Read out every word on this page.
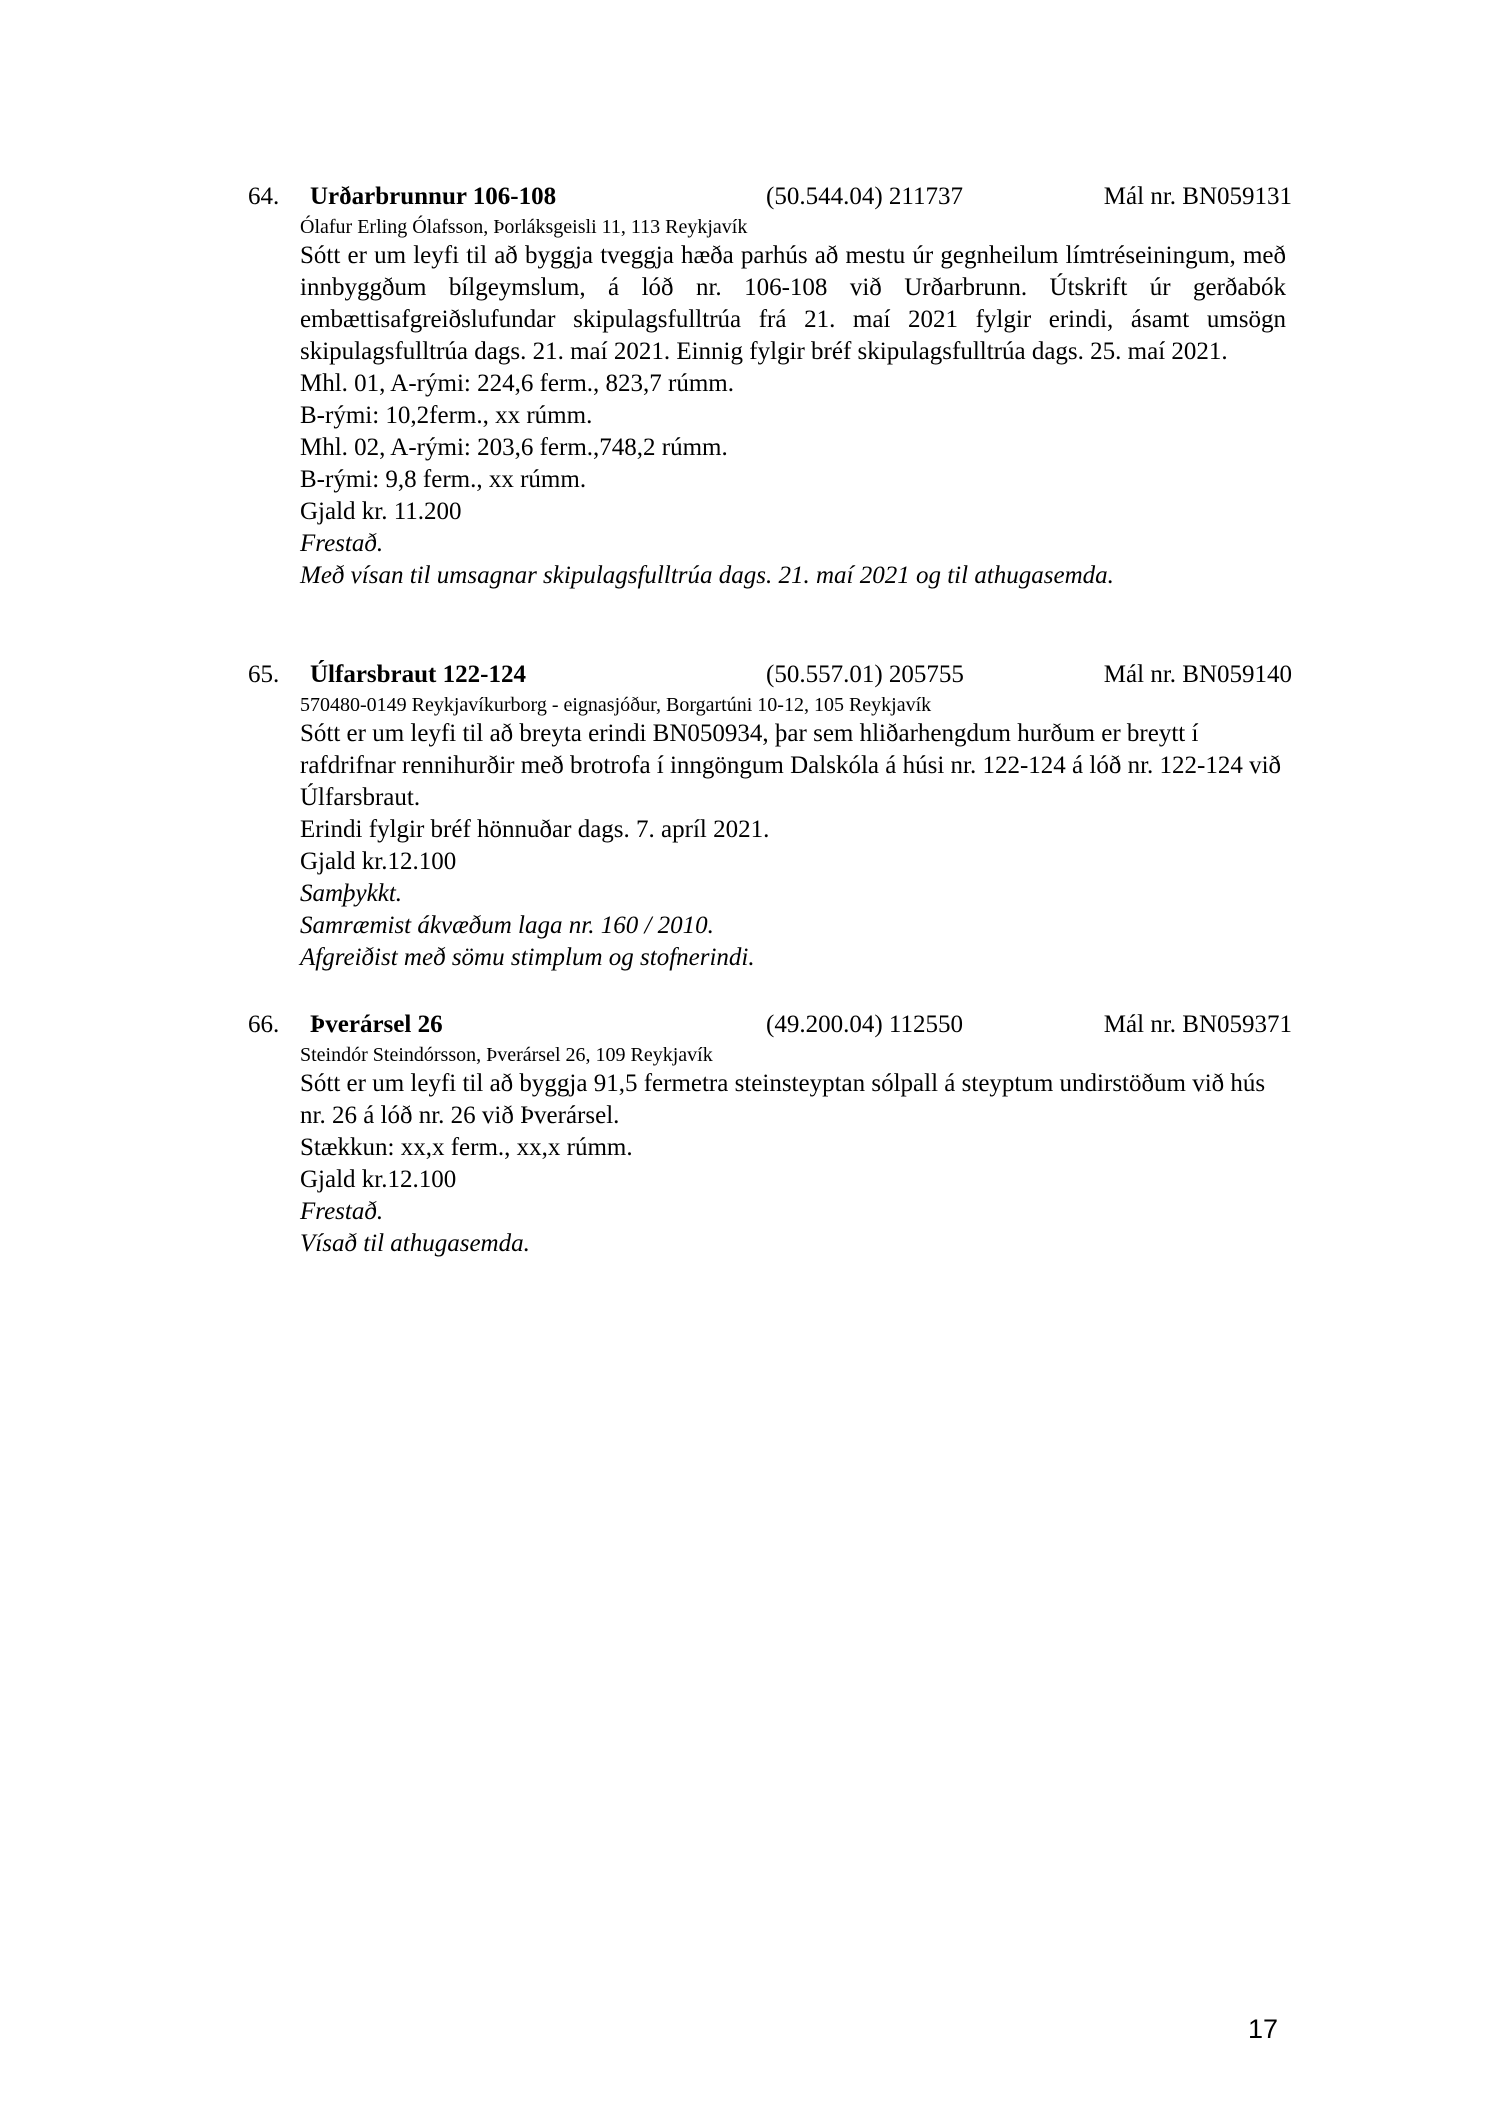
64. Urðarbrunnur 106-108	(50.544.04) 211737	Mál nr. BN059131
Ólafur Erling Ólafsson, Þorláksgeisli 11, 113 Reykjavík

Sótt er um leyfi til að byggja tveggja hæða parhús að mestu úr gegnheilum límtréseiningum, með innbyggðum bílgeymslum, á lóð nr. 106-108 við Urðarbrunn. Útskrift úr gerðabók embættisafgreiðslufundar skipulagsfulltrúa frá 21. maí 2021 fylgir erindi, ásamt umsögn skipulagsfulltrúa dags. 21. maí 2021. Einnig fylgir bréf skipulagsfulltrúa dags. 25. maí 2021.

Mhl. 01, A-rými: 224,6 ferm., 823,7 rúmm.

B-rými: 10,2ferm., xx rúmm.

Mhl. 02, A-rými: 203,6 ferm.,748,2 rúmm.

B-rými: 9,8 ferm., xx rúmm.

Gjald kr. 11.200

Frestað.

Með vísan til umsagnar skipulagsfulltrúa dags. 21. maí 2021 og til athugasemda.

65. Úlfarsbraut 122-124	(50.557.01) 205755	Mál nr. BN059140
570480-0149 Reykjavíkurborg - eignasjóður, Borgartúni 10-12, 105 Reykjavík

Sótt er um leyfi til að breyta erindi BN050934, þar sem hliðarhengdum hurðum er breytt í rafdrifnar rennihurðir með brotrofa í inngöngum Dalskóla á húsi nr. 122-124 á lóð nr. 122-124 við Úlfarsbraut.

Erindi fylgir bréf hönnuðar dags. 7. apríl 2021.

Gjald kr.12.100

Samþykkt.

Samræmist ákvæðum laga nr. 160 / 2010.

Afgreiðist með sömu stimplum og stofnerindi.

66. Þverársel 26	(49.200.04) 112550	Mál nr. BN059371
Steindór Steindórsson, Þverársel 26, 109 Reykjavík

Sótt er um leyfi til að byggja 91,5 fermetra steinsteyptan sólpall á steyptum undirstöðum við hús nr. 26 á lóð nr. 26 við Þverársel.

Stækkun: xx,x ferm., xx,x rúmm.

Gjald kr.12.100

Frestað.

Vísað til athugasemda.

17
